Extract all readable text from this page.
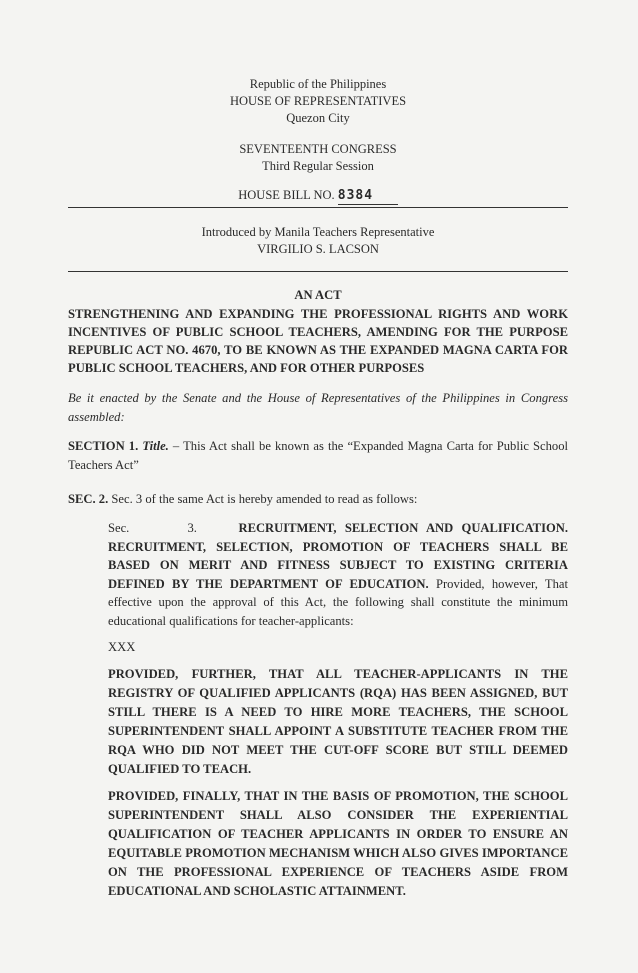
Republic of the Philippines
HOUSE OF REPRESENTATIVES
Quezon City
SEVENTEENTH CONGRESS
Third Regular Session
HOUSE BILL NO. 8384
Introduced by Manila Teachers Representative
VIRGILIO S. LACSON
AN ACT
STRENGTHENING AND EXPANDING THE PROFESSIONAL RIGHTS AND WORK INCENTIVES OF PUBLIC SCHOOL TEACHERS, AMENDING FOR THE PURPOSE REPUBLIC ACT NO. 4670, TO BE KNOWN AS THE EXPANDED MAGNA CARTA FOR PUBLIC SCHOOL TEACHERS, AND FOR OTHER PURPOSES
Be it enacted by the Senate and the House of Representatives of the Philippines in Congress assembled:
SECTION 1. Title. – This Act shall be known as the “Expanded Magna Carta for Public School Teachers Act”
SEC. 2. Sec. 3 of the same Act is hereby amended to read as follows:
Sec.	3.	RECRUITMENT, SELECTION AND QUALIFICATION. RECRUITMENT, SELECTION, PROMOTION OF TEACHERS SHALL BE BASED ON MERIT AND FITNESS SUBJECT TO EXISTING CRITERIA DEFINED BY THE DEPARTMENT OF EDUCATION. Provided, however, That effective upon the approval of this Act, the following shall constitute the minimum educational qualifications for teacher-applicants:
XXX
PROVIDED, FURTHER, THAT ALL TEACHER-APPLICANTS IN THE REGISTRY OF QUALIFIED APPLICANTS (RQA) HAS BEEN ASSIGNED, BUT STILL THERE IS A NEED TO HIRE MORE TEACHERS, THE SCHOOL SUPERINTENDENT SHALL APPOINT A SUBSTITUTE TEACHER FROM THE RQA WHO DID NOT MEET THE CUT-OFF SCORE BUT STILL DEEMED QUALIFIED TO TEACH.
PROVIDED, FINALLY, THAT IN THE BASIS OF PROMOTION, THE SCHOOL SUPERINTENDENT SHALL ALSO CONSIDER THE EXPERIENTIAL QUALIFICATION OF TEACHER APPLICANTS IN ORDER TO ENSURE AN EQUITABLE PROMOTION MECHANISM WHICH ALSO GIVES IMPORTANCE ON THE PROFESSIONAL EXPERIENCE OF TEACHERS ASIDE FROM EDUCATIONAL AND SCHOLASTIC ATTAINMENT.
